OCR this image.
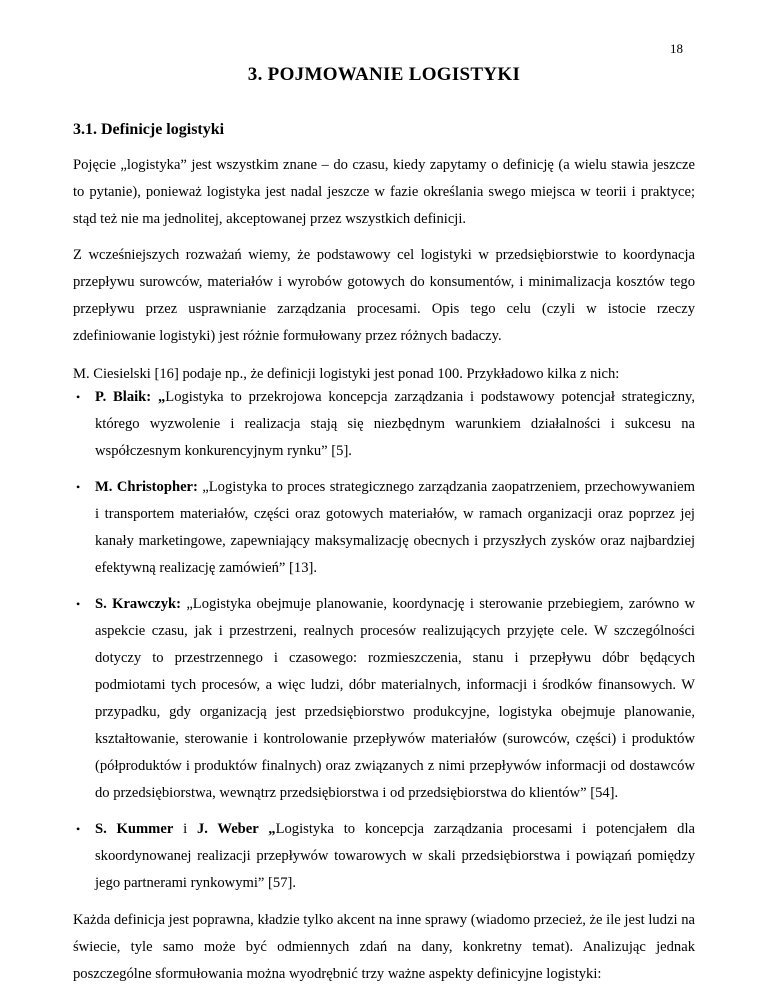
18
3. POJMOWANIE LOGISTYKI
3.1. Definicje logistyki

Pojęcie „logistyka” jest wszystkim znane – do czasu, kiedy zapytamy o definicję (a wielu stawia jeszcze to pytanie), ponieważ logistyka jest nadal jeszcze w fazie określania swego miejsca w teorii i praktyce; stąd też nie ma jednolitej, akceptowanej przez wszystkich definicji.

Z wcześniejszych rozważań wiemy, że podstawowy cel logistyki w przedsiębiorstwie to koordynacja przepływu surowców, materiałów i wyrobów gotowych do konsumentów, i minimalizacja kosztów tego przepływu przez usprawnianie zarządzania procesami. Opis tego celu (czyli w istocie rzeczy zdefiniowanie logistyki) jest różnie formułowany przez różnych badaczy.

M. Ciesielski [16] podaje np., że definicji logistyki jest ponad 100. Przykładowo kilka z nich:

• P. Blaik: „Logistyka to przekrojowa koncepcja zarządzania i podstawowy potencjał strategiczny, którego wyzwolenie i realizacja stają się niezbędnym warunkiem działalności i sukcesu na współczesnym konkurencyjnym rynku” [5].
• M. Christopher: „Logistyka to proces strategicznego zarządzania zaopatrzeniem, przechowywaniem i transportem materiałów, części oraz gotowych materiałów, w ramach organizacji oraz poprzez jej kanały marketingowe, zapewniający maksymalizację obecnych i przyszłych zysków oraz najbardziej efektywną realizację zamówień” [13].
• S. Krawczyk: „Logistyka obejmuje planowanie, koordynację i sterowanie przebiegiem, zarówno w aspekcie czasu, jak i przestrzeni, realnych procesów realizujących przyjęte cele. W szczególności dotyczy to przestrzennego i czasowego: rozmieszczenia, stanu i przepływu dóbr będących podmiotami tych procesów, a więc ludzi, dóbr materialnych, informacji i środków finansowych. W przypadku, gdy organizacją jest przedsiębiorstwo produkcyjne, logistyka obejmuje planowanie, kształtowanie, sterowanie i kontrolowanie przepływów materiałów (surowców, części) i produktów (półproduktów i produktów finalnych) oraz związanych z nimi przepływów informacji od dostawców do przedsiębiorstwa, wewnątrz przedsiębiorstwa i od przedsiębiorstwa do klientów” [54].
• S. Kummer i J. Weber „Logistyka to koncepcja zarządzania procesami i potencjałem dla skoordynowanej realizacji przepływów towarowych w skali przedsiębiorstwa i powiązań pomiędzy jego partnerami rynkowymi” [57].

Każda definicja jest poprawna, kładzie tylko akcent na inne sprawy (wiadomo przecież, że ile jest ludzi na świecie, tyle samo może być odmiennych zdań na dany, konkretny temat). Analizując jednak poszczególne sformułowania można wyodrębnić trzy ważne aspekty definicyjne logistyki:
